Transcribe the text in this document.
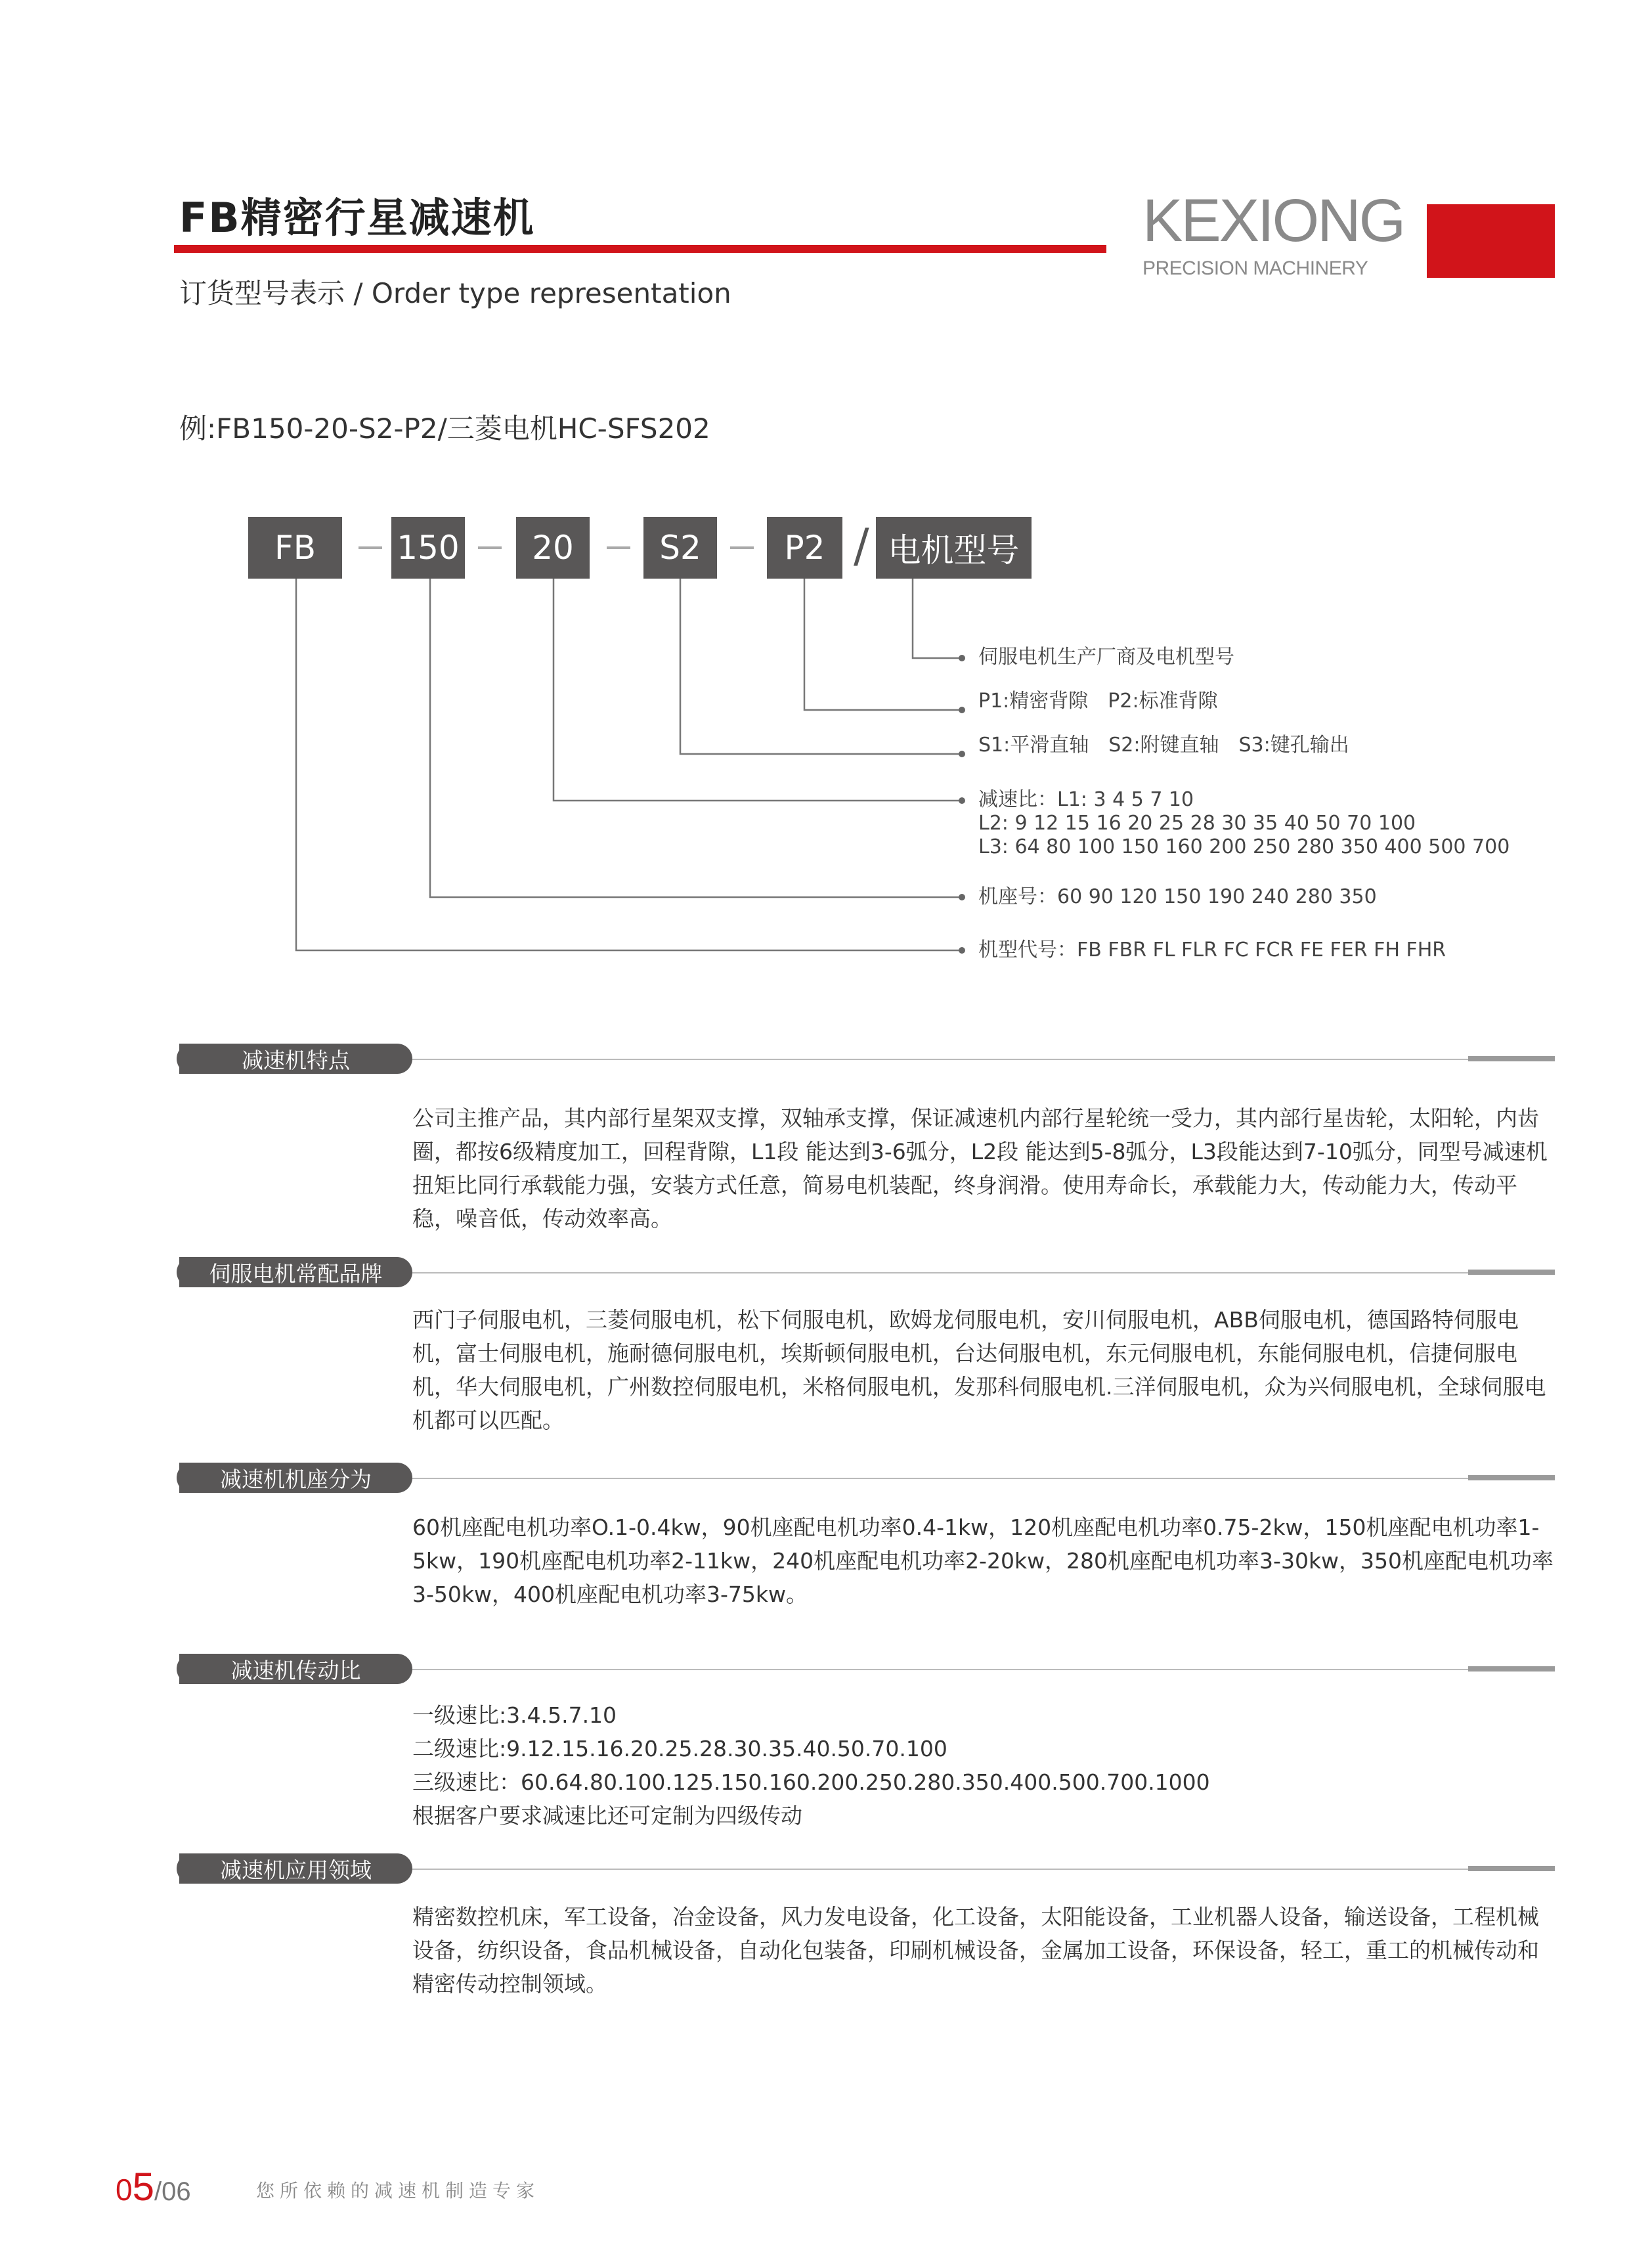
FB精密行星减速机
订货型号表示 / Order type representation
KEXIONG
PRECISION MACHINERY
例:FB150-20-S2-P2/三菱电机HC-SFS202
FB	150	20	S2	P2 / 电机型号
伺服电机生产厂商及电机型号
P1:精密背隙　P2:标准背隙
S1:平滑直轴　S2:附键直轴　S3:键孔输出
减速比：L1: 3 4 5 7 10
L2: 9 12 15 16 20 25 28 30 35 40 50 70 100
L3: 64 80 100 150 160 200 250 280 350 400 500 700
机座号：60 90 120 150 190 240 280 350
机型代号：FB FBR FL FLR FC FCR FE FER FH FHR
减速机特点

公司主推产品，其内部行星架双支撑，双轴承支撑，保证减速机内部行星轮统一受力，其内部行星齿轮，太阳轮，内齿圈，都按6级精度加工，回程背隙，L1段 能达到3-6弧分，L2段 能达到5-8弧分，L3段能达到7-10弧分，同型号减速机扭矩比同行承载能力强，安装方式任意，简易电机装配，终身润滑。使用寿命长，承载能力大，传动能力大，传动平稳，噪音低，传动效率高。

伺服电机常配品牌

西门子伺服电机，三菱伺服电机，松下伺服电机，欧姆龙伺服电机，安川伺服电机，ABB伺服电机，德国路特伺服电机，富士伺服电机，施耐德伺服电机，埃斯顿伺服电机，台达伺服电机，东元伺服电机，东能伺服电机，信捷伺服电机，华大伺服电机，广州数控伺服电机，米格伺服电机，发那科伺服电机.三洋伺服电机，众为兴伺服电机，全球伺服电机都可以匹配。

减速机机座分为

60机座配电机功率O.1-0.4kw，90机座配电机功率0.4-1kw，120机座配电机功率0.75-2kw，150机座配电机功率1-5kw，190机座配电机功率2-11kw，240机座配电机功率2-20kw，280机座配电机功率3-30kw，350机座配电机功率3-50kw，400机座配电机功率3-75kw。

减速机传动比

一级速比:3.4.5.7.10

二级速比:9.12.15.16.20.25.28.30.35.40.50.70.100

三级速比：60.64.80.100.125.150.160.200.250.280.350.400.500.700.1000

根据客户要求减速比还可定制为四级传动

减速机应用领域

精密数控机床，军工设备，冶金设备，风力发电设备，化工设备，太阳能设备，工业机器人设备，输送设备，工程机械设备，纺织设备，食品机械设备，自动化包装备，印刷机械设备，金属加工设备，环保设备，轻工，重工的机械传动和精密传动控制领域。

05/06	您所依赖的减速机制造专家
